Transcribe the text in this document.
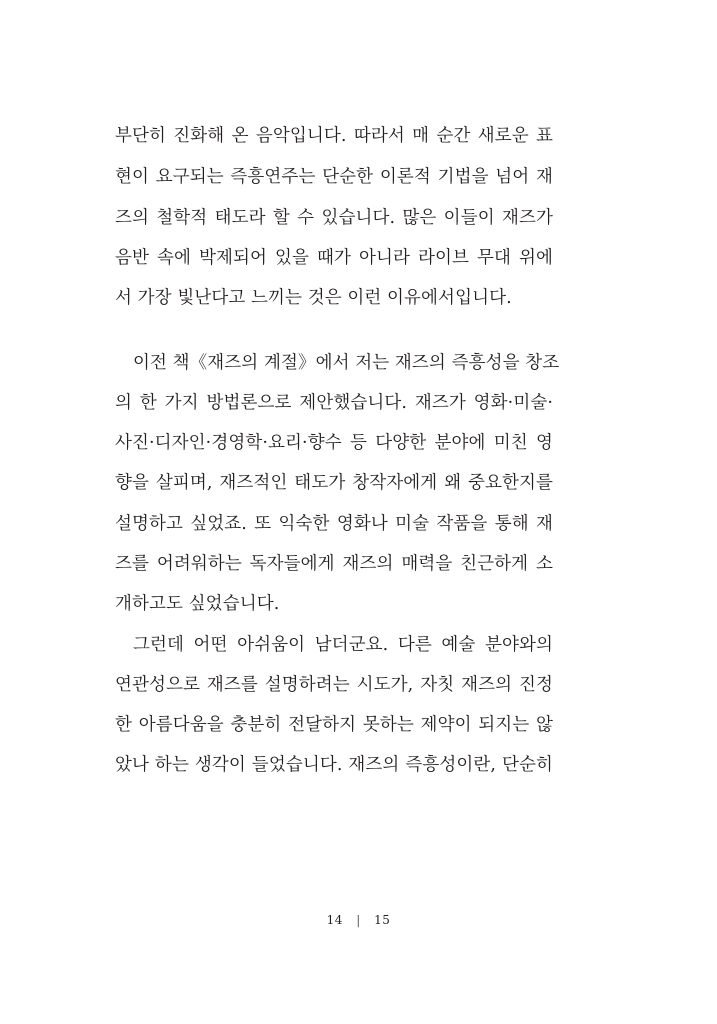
부단히 진화해 온 음악입니다. 따라서 매 순간 새로운 표
현이 요구되는 즉흥연주는 단순한 이론적 기법을 넘어 재
즈의 철학적 태도라 할 수 있습니다. 많은 이들이 재즈가
음반 속에 박제되어 있을 때가 아니라 라이브 무대 위에
서 가장 빛난다고 느끼는 것은 이런 이유에서입니다.
이전 책《재즈의 계절》에서 저는 재즈의 즉흥성을 창조
의 한 가지 방법론으로 제안했습니다. 재즈가 영화·미술·
사진·디자인·경영학·요리·향수 등 다양한 분야에 미친 영
향을 살피며, 재즈적인 태도가 창작자에게 왜 중요한지를
설명하고 싶었죠. 또 익숙한 영화나 미술 작품을 통해 재
즈를 어려워하는 독자들에게 재즈의 매력을 친근하게 소
개하고도 싶었습니다.
그런데 어떤 아쉬움이 남더군요. 다른 예술 분야와의
연관성으로 재즈를 설명하려는 시도가, 자칫 재즈의 진정
한 아름다움을 충분히 전달하지 못하는 제약이 되지는 않
았나 하는 생각이 들었습니다. 재즈의 즉흥성이란, 단순히
14 | 15
